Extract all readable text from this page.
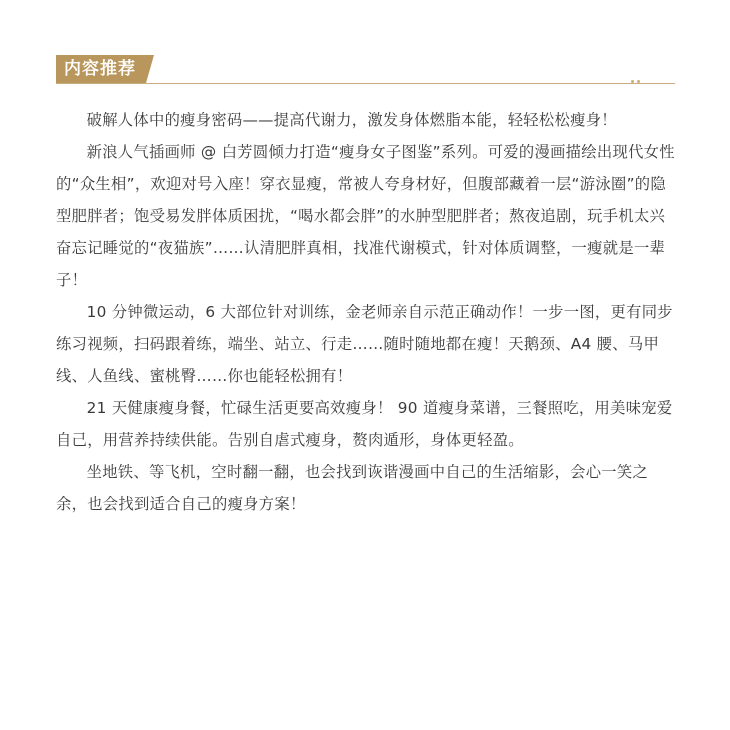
内容推荐

破解人体中的瘦身密码——提高代谢力，激发身体燃脂本能，轻轻松松瘦身！

新浪人气插画师 @ 白芳圆倾力打造“瘦身女子图鉴”系列。可爱的漫画描绘出现代女性的“众生相”，欢迎对号入座！穿衣显瘦，常被人夸身材好，但腹部藏着一层“游泳圈”的隐型肥胖者；饱受易发胖体质困扰，“喝水都会胖”的水肿型肥胖者；熬夜追剧，玩手机太兴奋忘记睡觉的“夜猫族”……认清肥胖真相，找准代谢模式，针对体质调整，一瘦就是一辈子！

10 分钟微运动，6 大部位针对训练，金老师亲自示范正确动作！一步一图，更有同步练习视频，扫码跟着练，端坐、站立、行走……随时随地都在瘦！天鹅颈、A4 腰、马甲线、人鱼线、蜜桃臀……你也能轻松拥有！

21 天健康瘦身餐，忙碌生活更要高效瘦身！ 90 道瘦身菜谱，三餐照吃，用美味宠爱自己，用营养持续供能。告别自虐式瘦身，赘肉遁形，身体更轻盈。

坐地铁、等飞机，空时翻一翻，也会找到诙谐漫画中自己的生活缩影，会心一笑之余，也会找到适合自己的瘦身方案！
